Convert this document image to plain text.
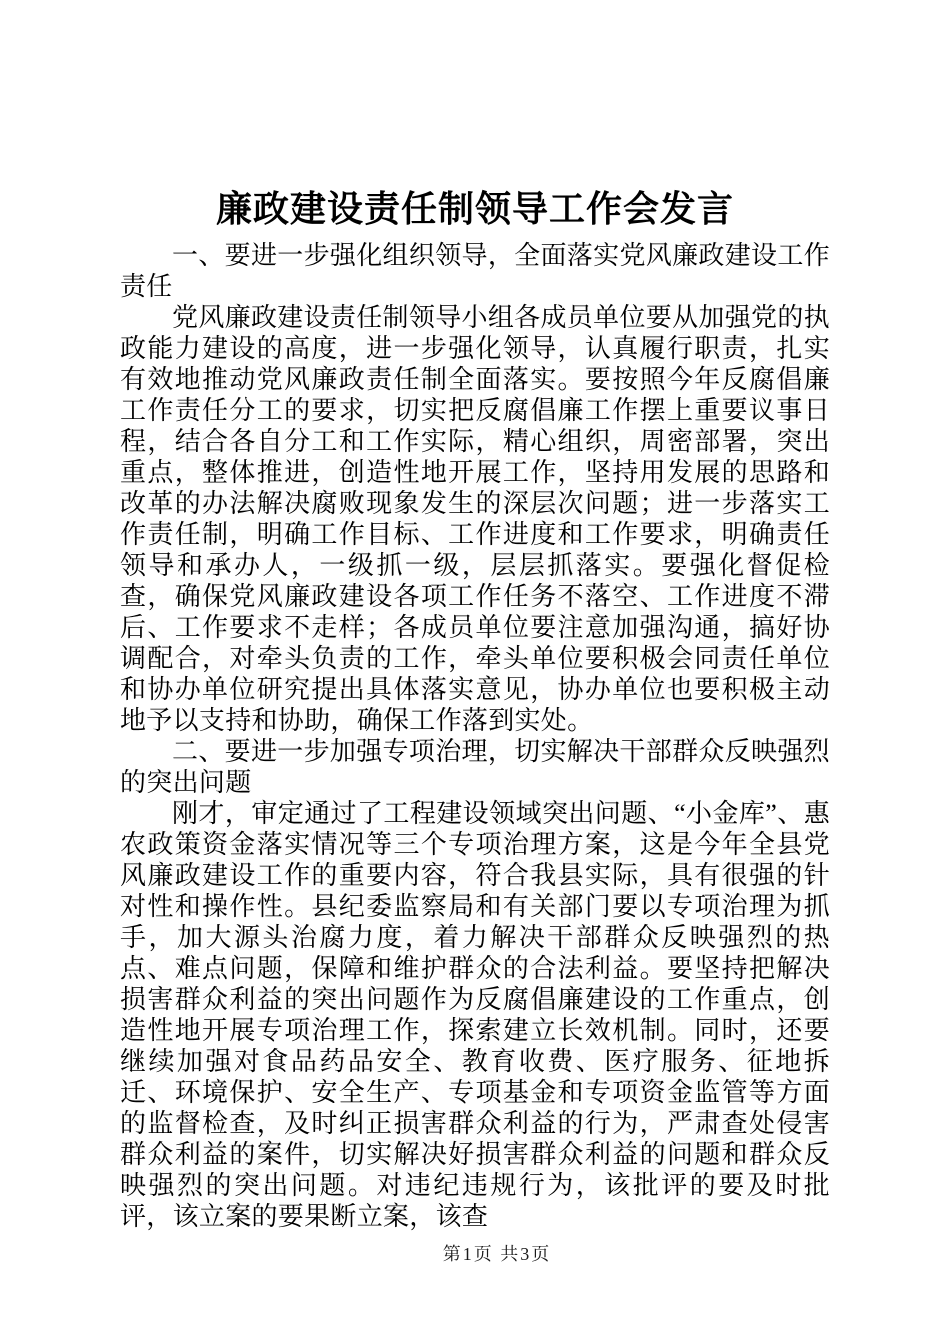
廉政建设责任制领导工作会发言

一、要进一步强化组织领导，全面落实党风廉政建设工作责任

党风廉政建设责任制领导小组各成员单位要从加强党的执政能力建设的高度，进一步强化领导，认真履行职责，扎实有效地推动党风廉政责任制全面落实。要按照今年反腐倡廉工作责任分工的要求，切实把反腐倡廉工作摆上重要议事日程，结合各自分工和工作实际，精心组织，周密部署，突出重点，整体推进，创造性地开展工作，坚持用发展的思路和改革的办法解决腐败现象发生的深层次问题；进一步落实工作责任制，明确工作目标、工作进度和工作要求，明确责任领导和承办人，一级抓一级，层层抓落实。要强化督促检查，确保党风廉政建设各项工作任务不落空、工作进度不滞后、工作要求不走样；各成员单位要注意加强沟通，搞好协调配合，对牵头负责的工作，牵头单位要积极会同责任单位和协办单位研究提出具体落实意见，协办单位也要积极主动地予以支持和协助，确保工作落到实处。

二、要进一步加强专项治理，切实解决干部群众反映强烈的突出问题

刚才，审定通过了工程建设领域突出问题、“小金库”、惠农政策资金落实情况等三个专项治理方案，这是今年全县党风廉政建设工作的重要内容，符合我县实际，具有很强的针对性和操作性。县纪委监察局和有关部门要以专项治理为抓手，加大源头治腐力度，着力解决干部群众反映强烈的热点、难点问题，保障和维护群众的合法利益。要坚持把解决损害群众利益的突出问题作为反腐倡廉建设的工作重点，创造性地开展专项治理工作，探索建立长效机制。同时，还要继续加强对食品药品安全、教育收费、医疗服务、征地拆迁、环境保护、安全生产、专项基金和专项资金监管等方面的监督检查，及时纠正损害群众利益的行为，严肃查处侵害群众利益的案件，切实解决好损害群众利益的问题和群众反映强烈的突出问题。对违纪违规行为，该批评的要及时批评，该立案的要果断立案，该查

第1页 共3页
